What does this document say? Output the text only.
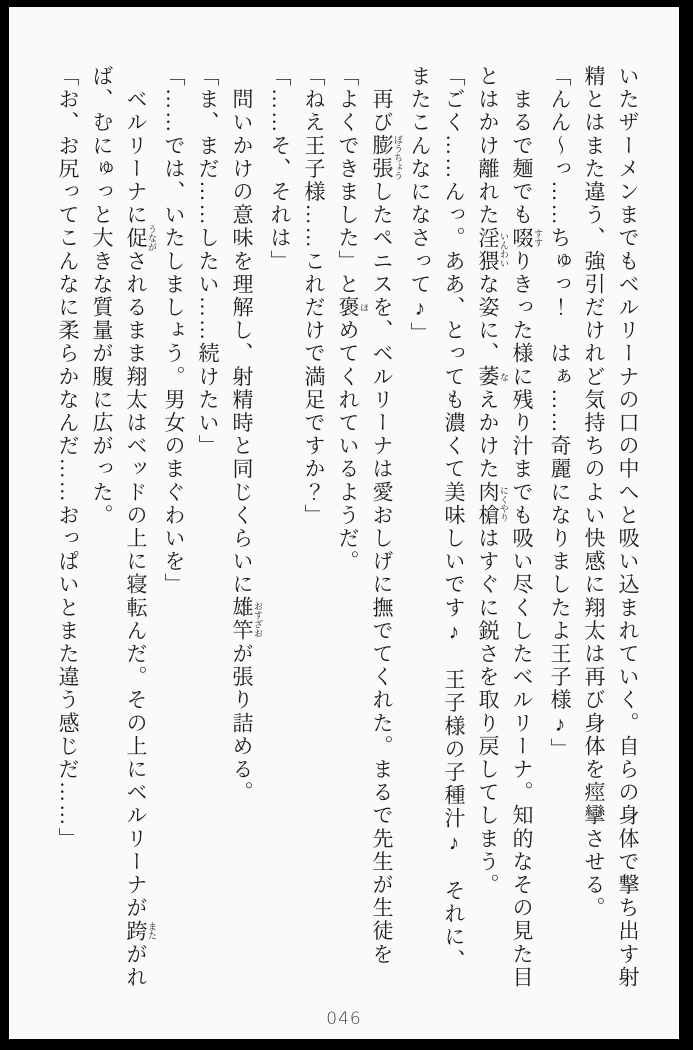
いたザーメンまでもベルリーナの口の中へと吸い込まれていく。自らの身体で撃ち出す射精とはまた違う、強引だけれど気持ちのよい快感に翔太は再び身体を痙攣させる。

「んん～っ……ちゅっ！　はぁ……奇麗になりましたよ王子様♪」

　まるで麺でも啜 すすりきった様に残り汁までも吸い尽くしたベルリーナ。知的なその見た目とはかけ離れた淫猥 いんわいな姿に、萎 なえかけた肉槍 にくやりはすぐに鋭さを取り戻してしまう。

「ごく……んっ。ああ、とっても濃くて美味しいです♪　王子様の子種汁♪　それに、またこんなになさって♪」

　再び膨張 ぼうちょうしたペニスを、ベルリーナは愛おしげに撫でてくれた。まるで先生が生徒を「よくできました」と褒 ほめてくれているようだ。

「ねえ王子様……これだけで満足ですか？」

「……そ、それは」

　問いかけの意味を理解し、射精時と同じくらいに雄竿 おすざおが張り詰める。

「ま、まだ……したい……続けたい」

「……では、いたしましょう。男女のまぐわいを」

　ベルリーナに促 うながされるまま翔太はベッドの上に寝転んだ。その上にベルリーナが跨 またがれば、むにゅっと大きな質量が腹に広がった。

「お、お尻ってこんなに柔らかなんだ……おっぱいとまた違う感じだ……」

046
